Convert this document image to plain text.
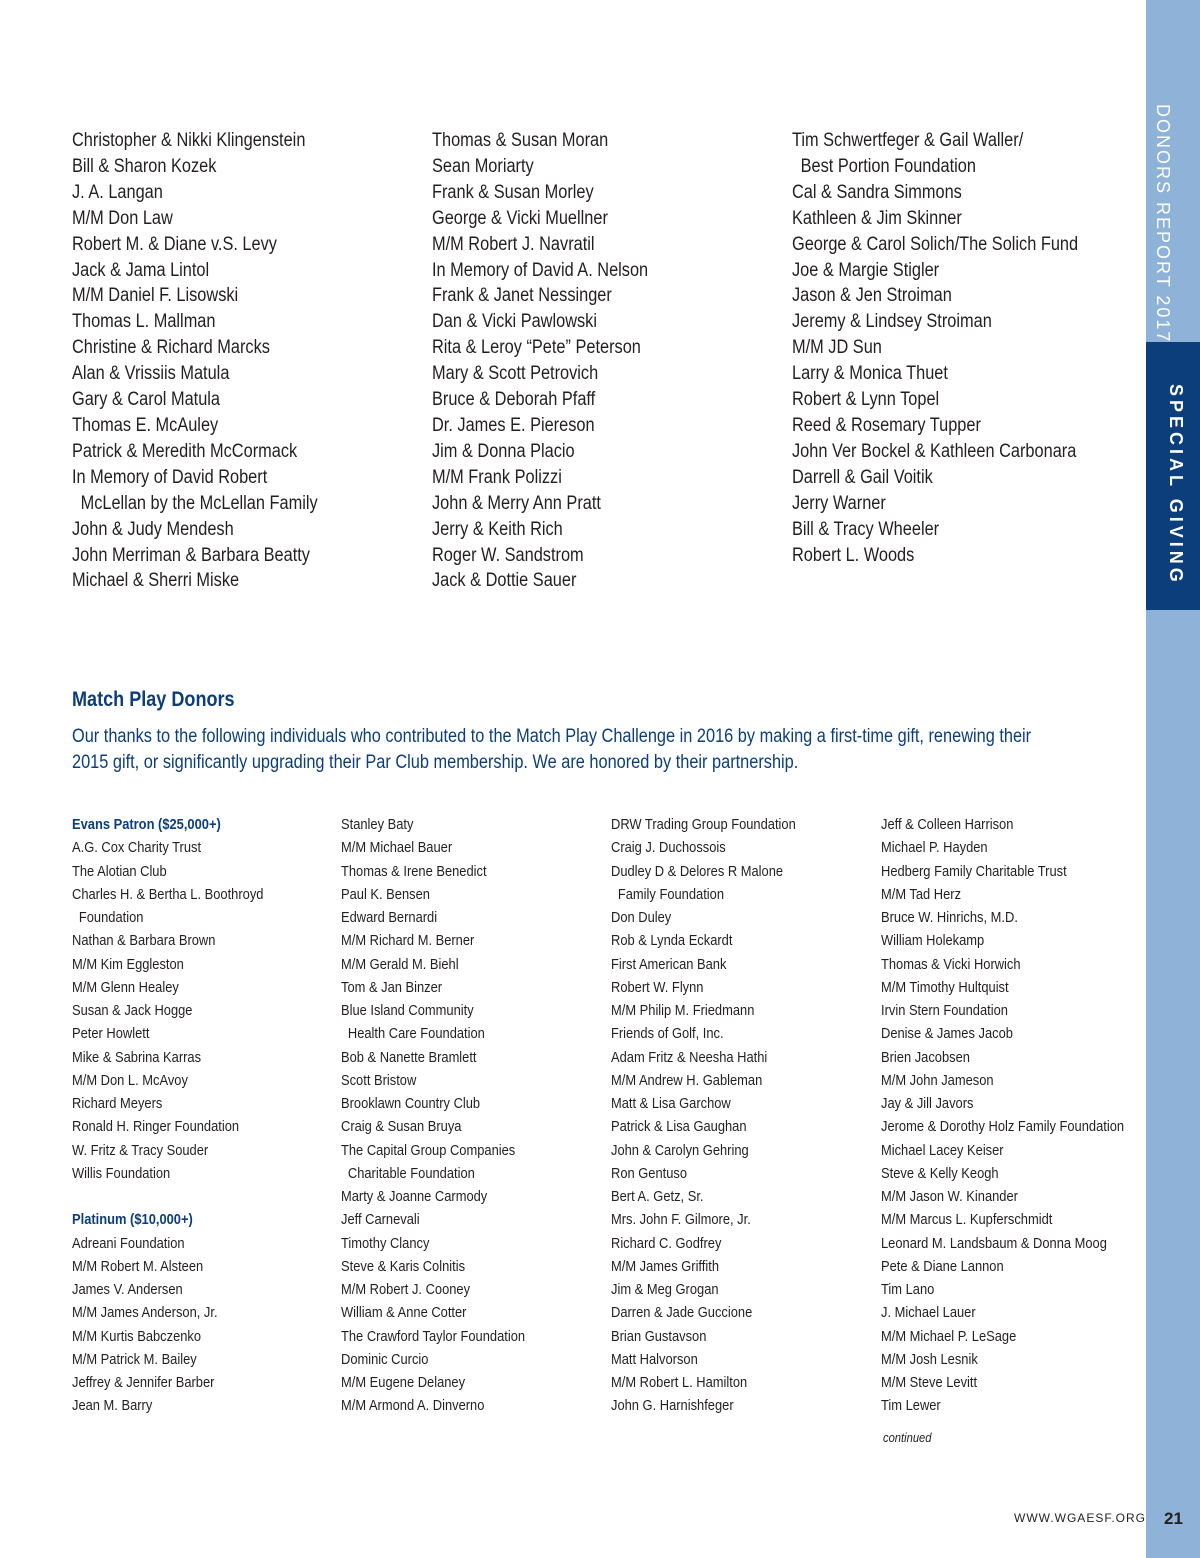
DONORS REPORT 2017
SPECIAL GIVING
Christopher & Nikki Klingenstein
Bill & Sharon Kozek
J. A. Langan
M/M Don Law
Robert M. & Diane v.S. Levy
Jack & Jama Lintol
M/M Daniel F. Lisowski
Thomas L. Mallman
Christine & Richard Marcks
Alan & Vrissiis Matula
Gary & Carol Matula
Thomas E. McAuley
Patrick & Meredith McCormack
In Memory of David Robert
McLellan by the McLellan Family
John & Judy Mendesh
John Merriman & Barbara Beatty
Michael & Sherri Miske
Thomas & Susan Moran
Sean Moriarty
Frank & Susan Morley
George & Vicki Muellner
M/M Robert J. Navratil
In Memory of David A. Nelson
Frank & Janet Nessinger
Dan & Vicki Pawlowski
Rita & Leroy “Pete” Peterson
Mary & Scott Petrovich
Bruce & Deborah Pfaff
Dr. James E. Piereson
Jim & Donna Placio
M/M Frank Polizzi
John & Merry Ann Pratt
Jerry & Keith Rich
Roger W. Sandstrom
Jack & Dottie Sauer
Tim Schwertfeger & Gail Waller/
Best Portion Foundation
Cal & Sandra Simmons
Kathleen & Jim Skinner
George & Carol Solich/The Solich Fund
Joe & Margie Stigler
Jason & Jen Stroiman
Jeremy & Lindsey Stroiman
M/M JD Sun
Larry & Monica Thuet
Robert & Lynn Topel
Reed & Rosemary Tupper
John Ver Bockel & Kathleen Carbonara
Darrell & Gail Voitik
Jerry Warner
Bill & Tracy Wheeler
Robert L. Woods
Match Play Donors
Our thanks to the following individuals who contributed to the Match Play Challenge in 2016 by making a first-time gift, renewing their
2015 gift, or significantly upgrading their Par Club membership. We are honored by their partnership.
Evans Patron ($25,000+)
A.G. Cox Charity Trust
The Alotian Club
Charles H. & Bertha L. Boothroyd
Foundation
Nathan & Barbara Brown
M/M Kim Eggleston
M/M Glenn Healey
Susan & Jack Hogge
Peter Howlett
Mike & Sabrina Karras
M/M Don L. McAvoy
Richard Meyers
Ronald H. Ringer Foundation
W. Fritz & Tracy Souder
Willis Foundation
Platinum ($10,000+)
Adreani Foundation
M/M Robert M. Alsteen
James V. Andersen
M/M James Anderson, Jr.
M/M Kurtis Babczenko
M/M Patrick M. Bailey
Jeffrey & Jennifer Barber
Jean M. Barry
Stanley Baty
M/M Michael Bauer
Thomas & Irene Benedict
Paul K. Bensen
Edward Bernardi
M/M Richard M. Berner
M/M Gerald M. Biehl
Tom & Jan Binzer
Blue Island Community
Health Care Foundation
Bob & Nanette Bramlett
Scott Bristow
Brooklawn Country Club
Craig & Susan Bruya
The Capital Group Companies
Charitable Foundation
Marty & Joanne Carmody
Jeff Carnevali
Timothy Clancy
Steve & Karis Colnitis
M/M Robert J. Cooney
William & Anne Cotter
The Crawford Taylor Foundation
Dominic Curcio
M/M Eugene Delaney
M/M Armond A. Dinverno
DRW Trading Group Foundation
Craig J. Duchossois
Dudley D & Delores R Malone
Family Foundation
Don Duley
Rob & Lynda Eckardt
First American Bank
Robert W. Flynn
M/M Philip M. Friedmann
Friends of Golf, Inc.
Adam Fritz & Neesha Hathi
M/M Andrew H. Gableman
Matt & Lisa Garchow
Patrick & Lisa Gaughan
John & Carolyn Gehring
Ron Gentuso
Bert A. Getz, Sr.
Mrs. John F. Gilmore, Jr.
Richard C. Godfrey
M/M James Griffith
Jim & Meg Grogan
Darren & Jade Guccione
Brian Gustavson
Matt Halvorson
M/M Robert L. Hamilton
John G. Harnishfeger
Jeff & Colleen Harrison
Michael P. Hayden
Hedberg Family Charitable Trust
M/M Tad Herz
Bruce W. Hinrichs, M.D.
William Holekamp
Thomas & Vicki Horwich
M/M Timothy Hultquist
Irvin Stern Foundation
Denise & James Jacob
Brien Jacobsen
M/M John Jameson
Jay & Jill Javors
Jerome & Dorothy Holz Family Foundation
Michael Lacey Keiser
Steve & Kelly Keogh
M/M Jason W. Kinander
M/M Marcus L. Kupferschmidt
Leonard M. Landsbaum & Donna Moog
Pete & Diane Lannon
Tim Lano
J. Michael Lauer
M/M Michael P. LeSage
M/M Josh Lesnik
M/M Steve Levitt
Tim Lewer
continued
WWW.WGAESF.ORG 21
